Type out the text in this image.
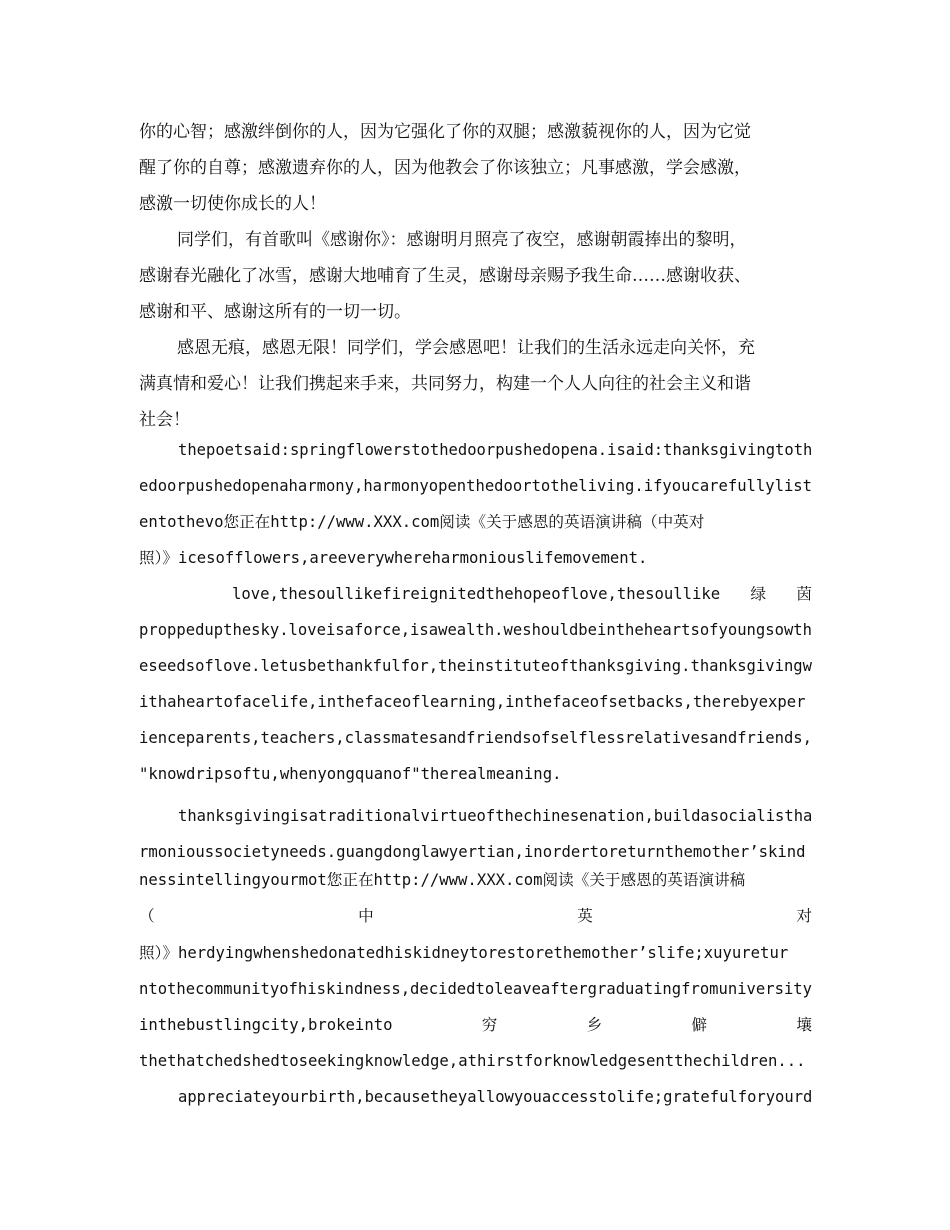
你的心智；感激绊倒你的人，因为它强化了你的双腿；感激藐视你的人，因为它觉
醒了你的自尊；感激遗弃你的人，因为他教会了你该独立；凡事感激，学会感激，
感激一切使你成长的人！
同学们，有首歌叫《感谢你》：感谢明月照亮了夜空，感谢朝霞捧出的黎明，
感谢春光融化了冰雪，感谢大地哺育了生灵，感谢母亲赐予我生命……感谢收获、
感谢和平、感谢这所有的一切一切。
感恩无痕，感恩无限！同学们，学会感恩吧！让我们的生活永远走向关怀，充
满真情和爱心！让我们携起来手来，共同努力，构建一个人人向往的社会主义和谐
社会！
thepoetsaid:springflowerstothedoorpushedopena.isaid:thanksgivingtoth
edoorpushedopenaharmony,harmonyopenthedoortotheliving.ifyoucarefullylist
entothevo您正在http://www.XXX.com阅读《关于感恩的英语演讲稿（中英对
照）》icesofflowers,areeverywhereharmoniouslifemovement.
love,thesoullikefireignitedthehopeoflove,thesoullike 绿 茵
proppedupthesky.loveisaforce,isawealth.weshouldbeintheheartsofyoungsowth
eseedsoflove.letusbethankfulfor,theinstituteofthanksgiving.thanksgivingw
ithaheartofacelife,inthefaceoflearning,inthefaceofsetbacks,therebyexper
ienceparents,teachers,classmatesandfriendsofselflessrelativesandfriends,
"knowdripsoftu,whenyongquanof"therealmeaning.
thanksgivingisatraditionalvirtueofthechinesenation,buildasocialistha
rmonioussocietyneeds.guangdonglawyertian,inordertoreturnthemother’skind
nessintellingyourmot您正在http://www.XXX.com阅读《关于感恩的英语演讲稿
（	中	英	对
照）》herdyingwhenshedonatedhiskidneytorestorethemother’slife;xuyuretur
ntothecommunityofhiskindness,decidedtoleaveaftergraduatingfromuniversity
inthebustlingcity,brokeinto	穷	乡	僻	壤
thethatchedshedtoseekingknowledge,athirstforknowledgesentthechildren...
appreciateyourbirth,becausetheyallowyouaccesstolife;gratefulforyourd
